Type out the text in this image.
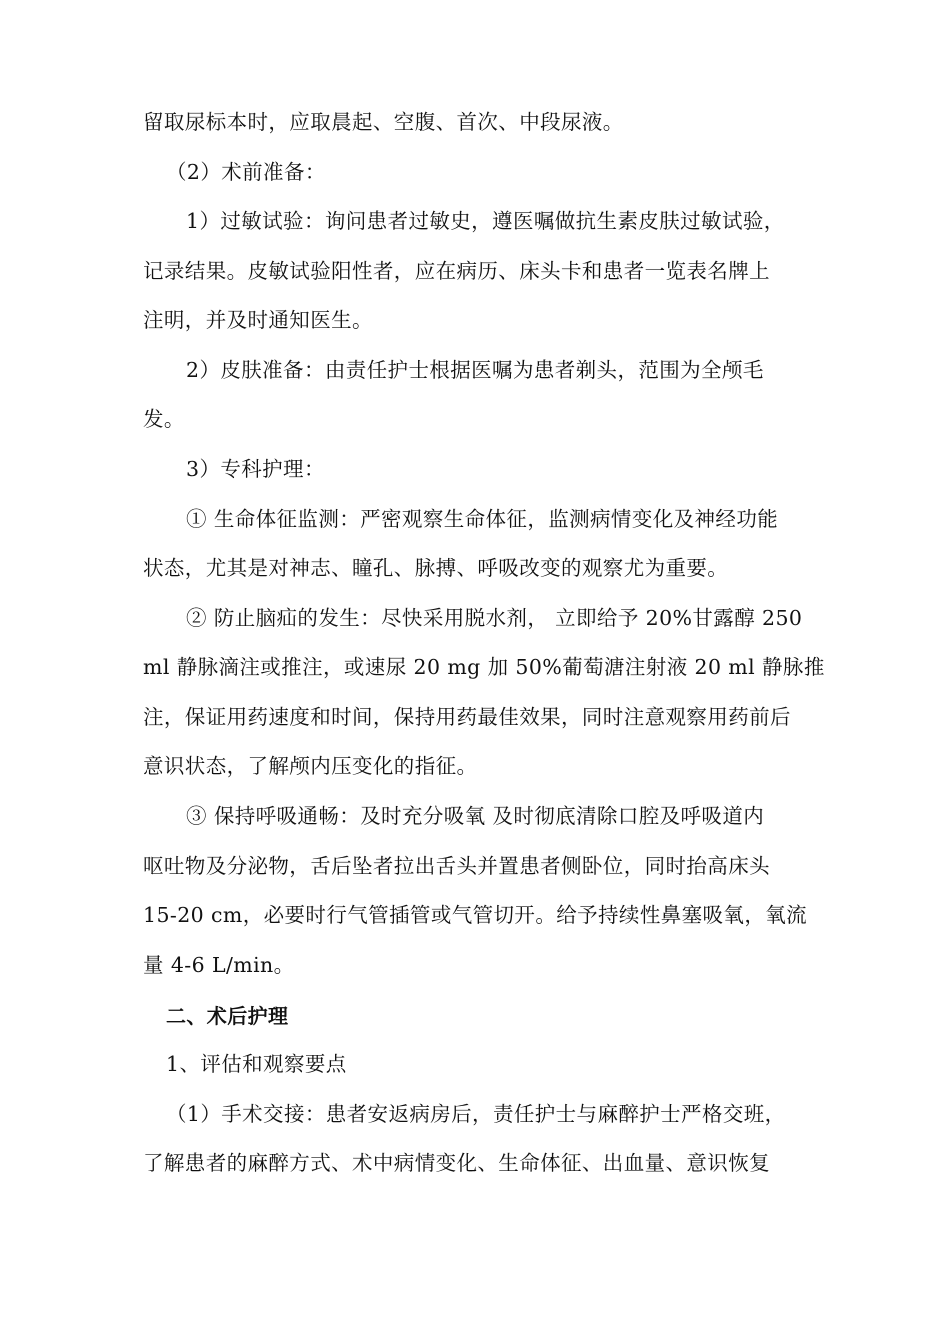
留取尿标本时，应取晨起、空腹、首次、中段尿液。
（2）术前准备：
1）过敏试验：询问患者过敏史，遵医嘱做抗生素皮肤过敏试验，
记录结果。皮敏试验阳性者，应在病历、床头卡和患者一览表名牌上
注明，并及时通知医生。
2）皮肤准备：由责任护士根据医嘱为患者剃头，范围为全颅毛
发。
3）专科护理：
① 生命体征监测：严密观察生命体征，监测病情变化及神经功能
状态，尤其是对神志、瞳孔、脉搏、呼吸改变的观察尤为重要。
② 防止脑疝的发生：尽快采用脱水剂， 立即给予 20%甘露醇 250
ml 静脉滴注或推注，或速尿 20 mg 加 50%葡萄溏注射液 20 ml 静脉推
注，保证用药速度和时间，保持用药最佳效果，同时注意观察用药前后
意识状态，了解颅内压变化的指征。
③ 保持呼吸通畅：及时充分吸氧 及时彻底清除口腔及呼吸道内
呕吐物及分泌物，舌后坠者拉出舌头并置患者侧卧位，同时抬高床头
15-20 cm，必要时行气管插管或气管切开。给予持续性鼻塞吸氧，氧流
量 4-6 L/min。
二、术后护理
1、评估和观察要点
（1）手术交接：患者安返病房后，责任护士与麻醉护士严格交班，
了解患者的麻醉方式、术中病情变化、生命体征、出血量、意识恢复
